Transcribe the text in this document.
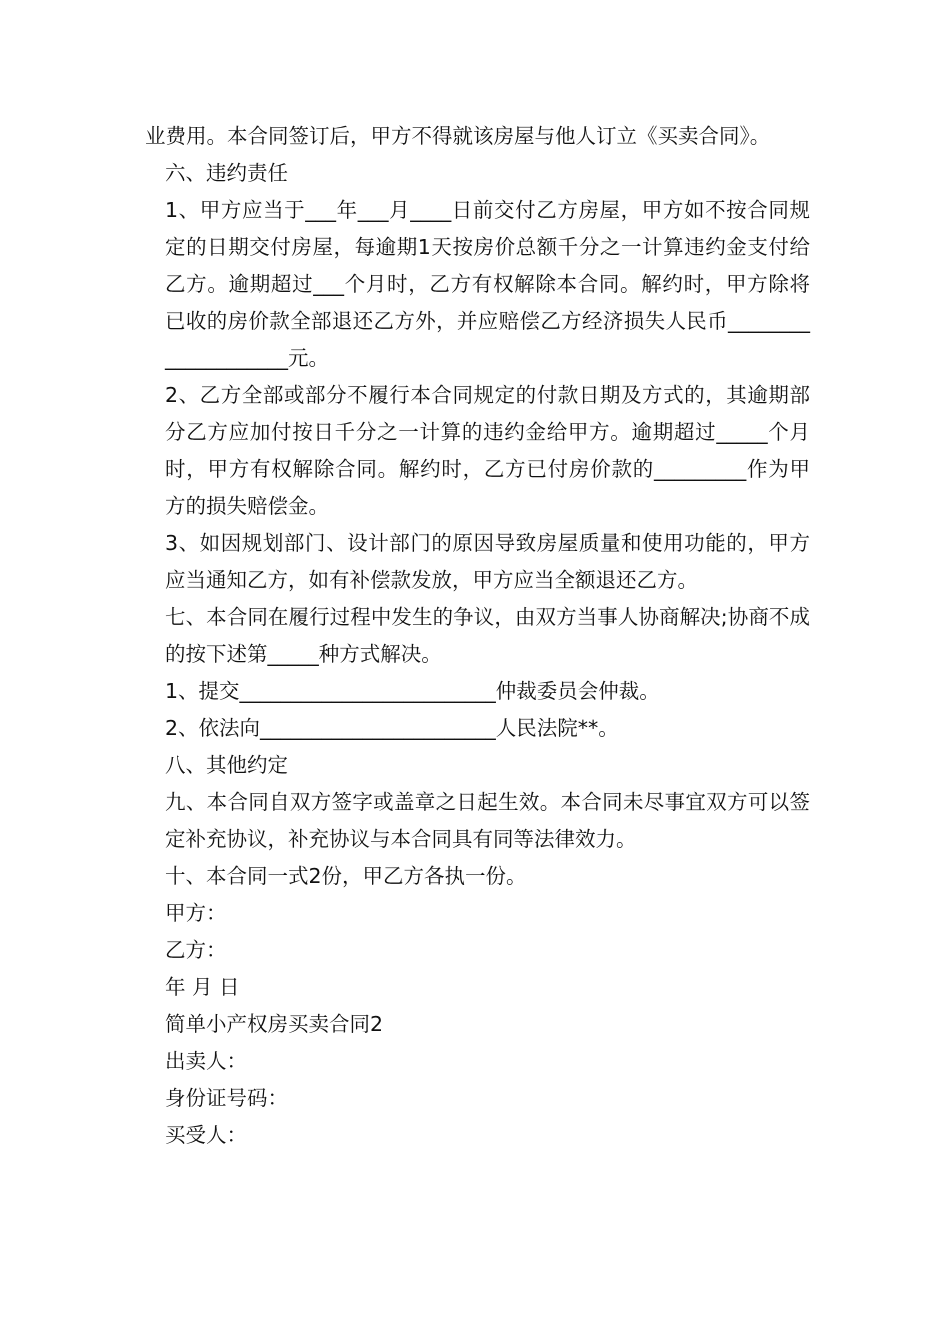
业费用。本合同签订后，甲方不得就该房屋与他人订立《买卖合同》。

六、违约责任

1、甲方应当于___年___月____日前交付乙方房屋，甲方如不按合同规定的日期交付房屋，每逾期1天按房价总额千分之一计算违约金支付给乙方。逾期超过___个月时，乙方有权解除本合同。解约时，甲方除将已收的房价款全部退还乙方外，并应赔偿乙方经济损失人民币____________________元。

2、乙方全部或部分不履行本合同规定的付款日期及方式的，其逾期部分乙方应加付按日千分之一计算的违约金给甲方。逾期超过_____个月时，甲方有权解除合同。解约时，乙方已付房价款的_________作为甲方的损失赔偿金。

3、如因规划部门、设计部门的原因导致房屋质量和使用功能的，甲方应当通知乙方，如有补偿款发放，甲方应当全额退还乙方。

七、本合同在履行过程中发生的争议，由双方当事人协商解决;协商不成的按下述第_____种方式解决。

1、提交_________________________仲裁委员会仲裁。

2、依法向_______________________人民法院**。

八、其他约定

九、本合同自双方签字或盖章之日起生效。本合同未尽事宜双方可以签定补充协议，补充协议与本合同具有同等法律效力。

十、本合同一式2份，甲乙方各执一份。

甲方：

乙方：

年 月 日

简单小产权房买卖合同2

出卖人：

身份证号码：

买受人：
